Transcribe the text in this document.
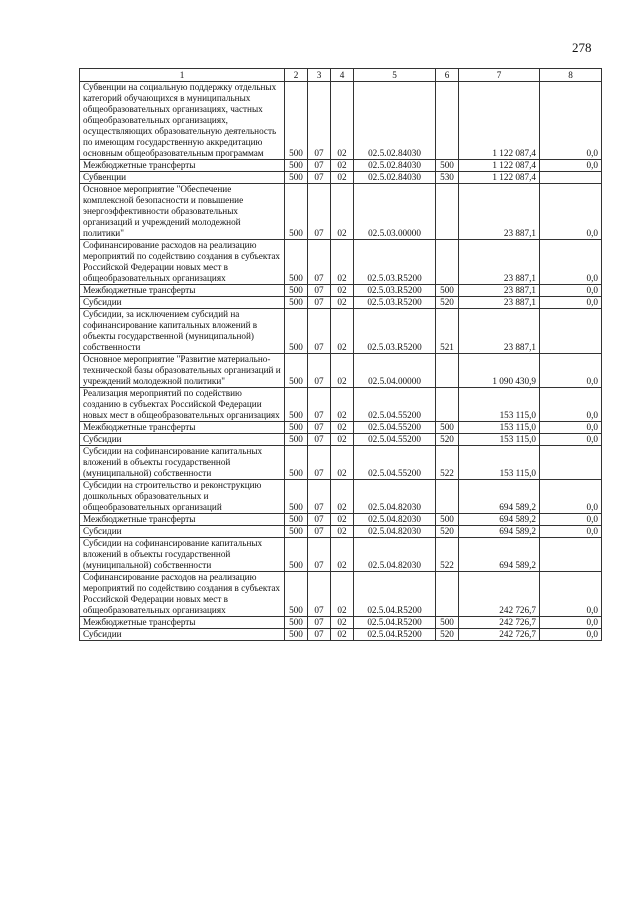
278
1	2	3	4	5	6	7	8
Субвенции на социальную поддержку отдельных категорий обучающихся в муниципальных общеобразовательных организациях, частных общеобразовательных организациях, осуществляющих образовательную деятельность по имеющим государственную аккредитацию основным общеобразовательным программам	500	07	02	02.5.02.84030		1 122 087,4	0,0
Межбюджетные трансферты	500	07	02	02.5.02.84030	500	1 122 087,4	0,0
Субвенции	500	07	02	02.5.02.84030	530	1 122 087,4	
Основное мероприятие "Обеспечение комплексной безопасности и повышение энергоэффективности образовательных организаций и учреждений молодежной политики"	500	07	02	02.5.03.00000		23 887,1	0,0
Софинансирование расходов на реализацию мероприятий по содействию создания в субъектах Российской Федерации новых мест в общеобразовательных организациях	500	07	02	02.5.03.R5200		23 887,1	0,0
Межбюджетные трансферты	500	07	02	02.5.03.R5200	500	23 887,1	0,0
Субсидии	500	07	02	02.5.03.R5200	520	23 887,1	0,0
Субсидии, за исключением субсидий на софинансирование капитальных вложений в объекты государственной (муниципальной) собственности	500	07	02	02.5.03.R5200	521	23 887,1	
Основное мероприятие "Развитие материально-технической базы образовательных организаций и учреждений молодежной политики"	500	07	02	02.5.04.00000		1 090 430,9	0,0
Реализация мероприятий по содействию созданию в субъектах Российской Федерации новых мест в общеобразовательных организациях	500	07	02	02.5.04.55200		153 115,0	0,0
Межбюджетные трансферты	500	07	02	02.5.04.55200	500	153 115,0	0,0
Субсидии	500	07	02	02.5.04.55200	520	153 115,0	0,0
Субсидии на софинансирование капитальных вложений в объекты государственной (муниципальной) собственности	500	07	02	02.5.04.55200	522	153 115,0	
Субсидии на строительство и реконструкцию дошкольных образовательных и общеобразовательных организаций	500	07	02	02.5.04.82030		694 589,2	0,0
Межбюджетные трансферты	500	07	02	02.5.04.82030	500	694 589,2	0,0
Субсидии	500	07	02	02.5.04.82030	520	694 589,2	0,0
Субсидии на софинансирование капитальных вложений в объекты государственной (муниципальной) собственности	500	07	02	02.5.04.82030	522	694 589,2	
Софинансирование расходов на реализацию мероприятий по содействию создания в субъектах Российской Федерации новых мест в общеобразовательных организациях	500	07	02	02.5.04.R5200		242 726,7	0,0
Межбюджетные трансферты	500	07	02	02.5.04.R5200	500	242 726,7	0,0
Субсидии	500	07	02	02.5.04.R5200	520	242 726,7	0,0
